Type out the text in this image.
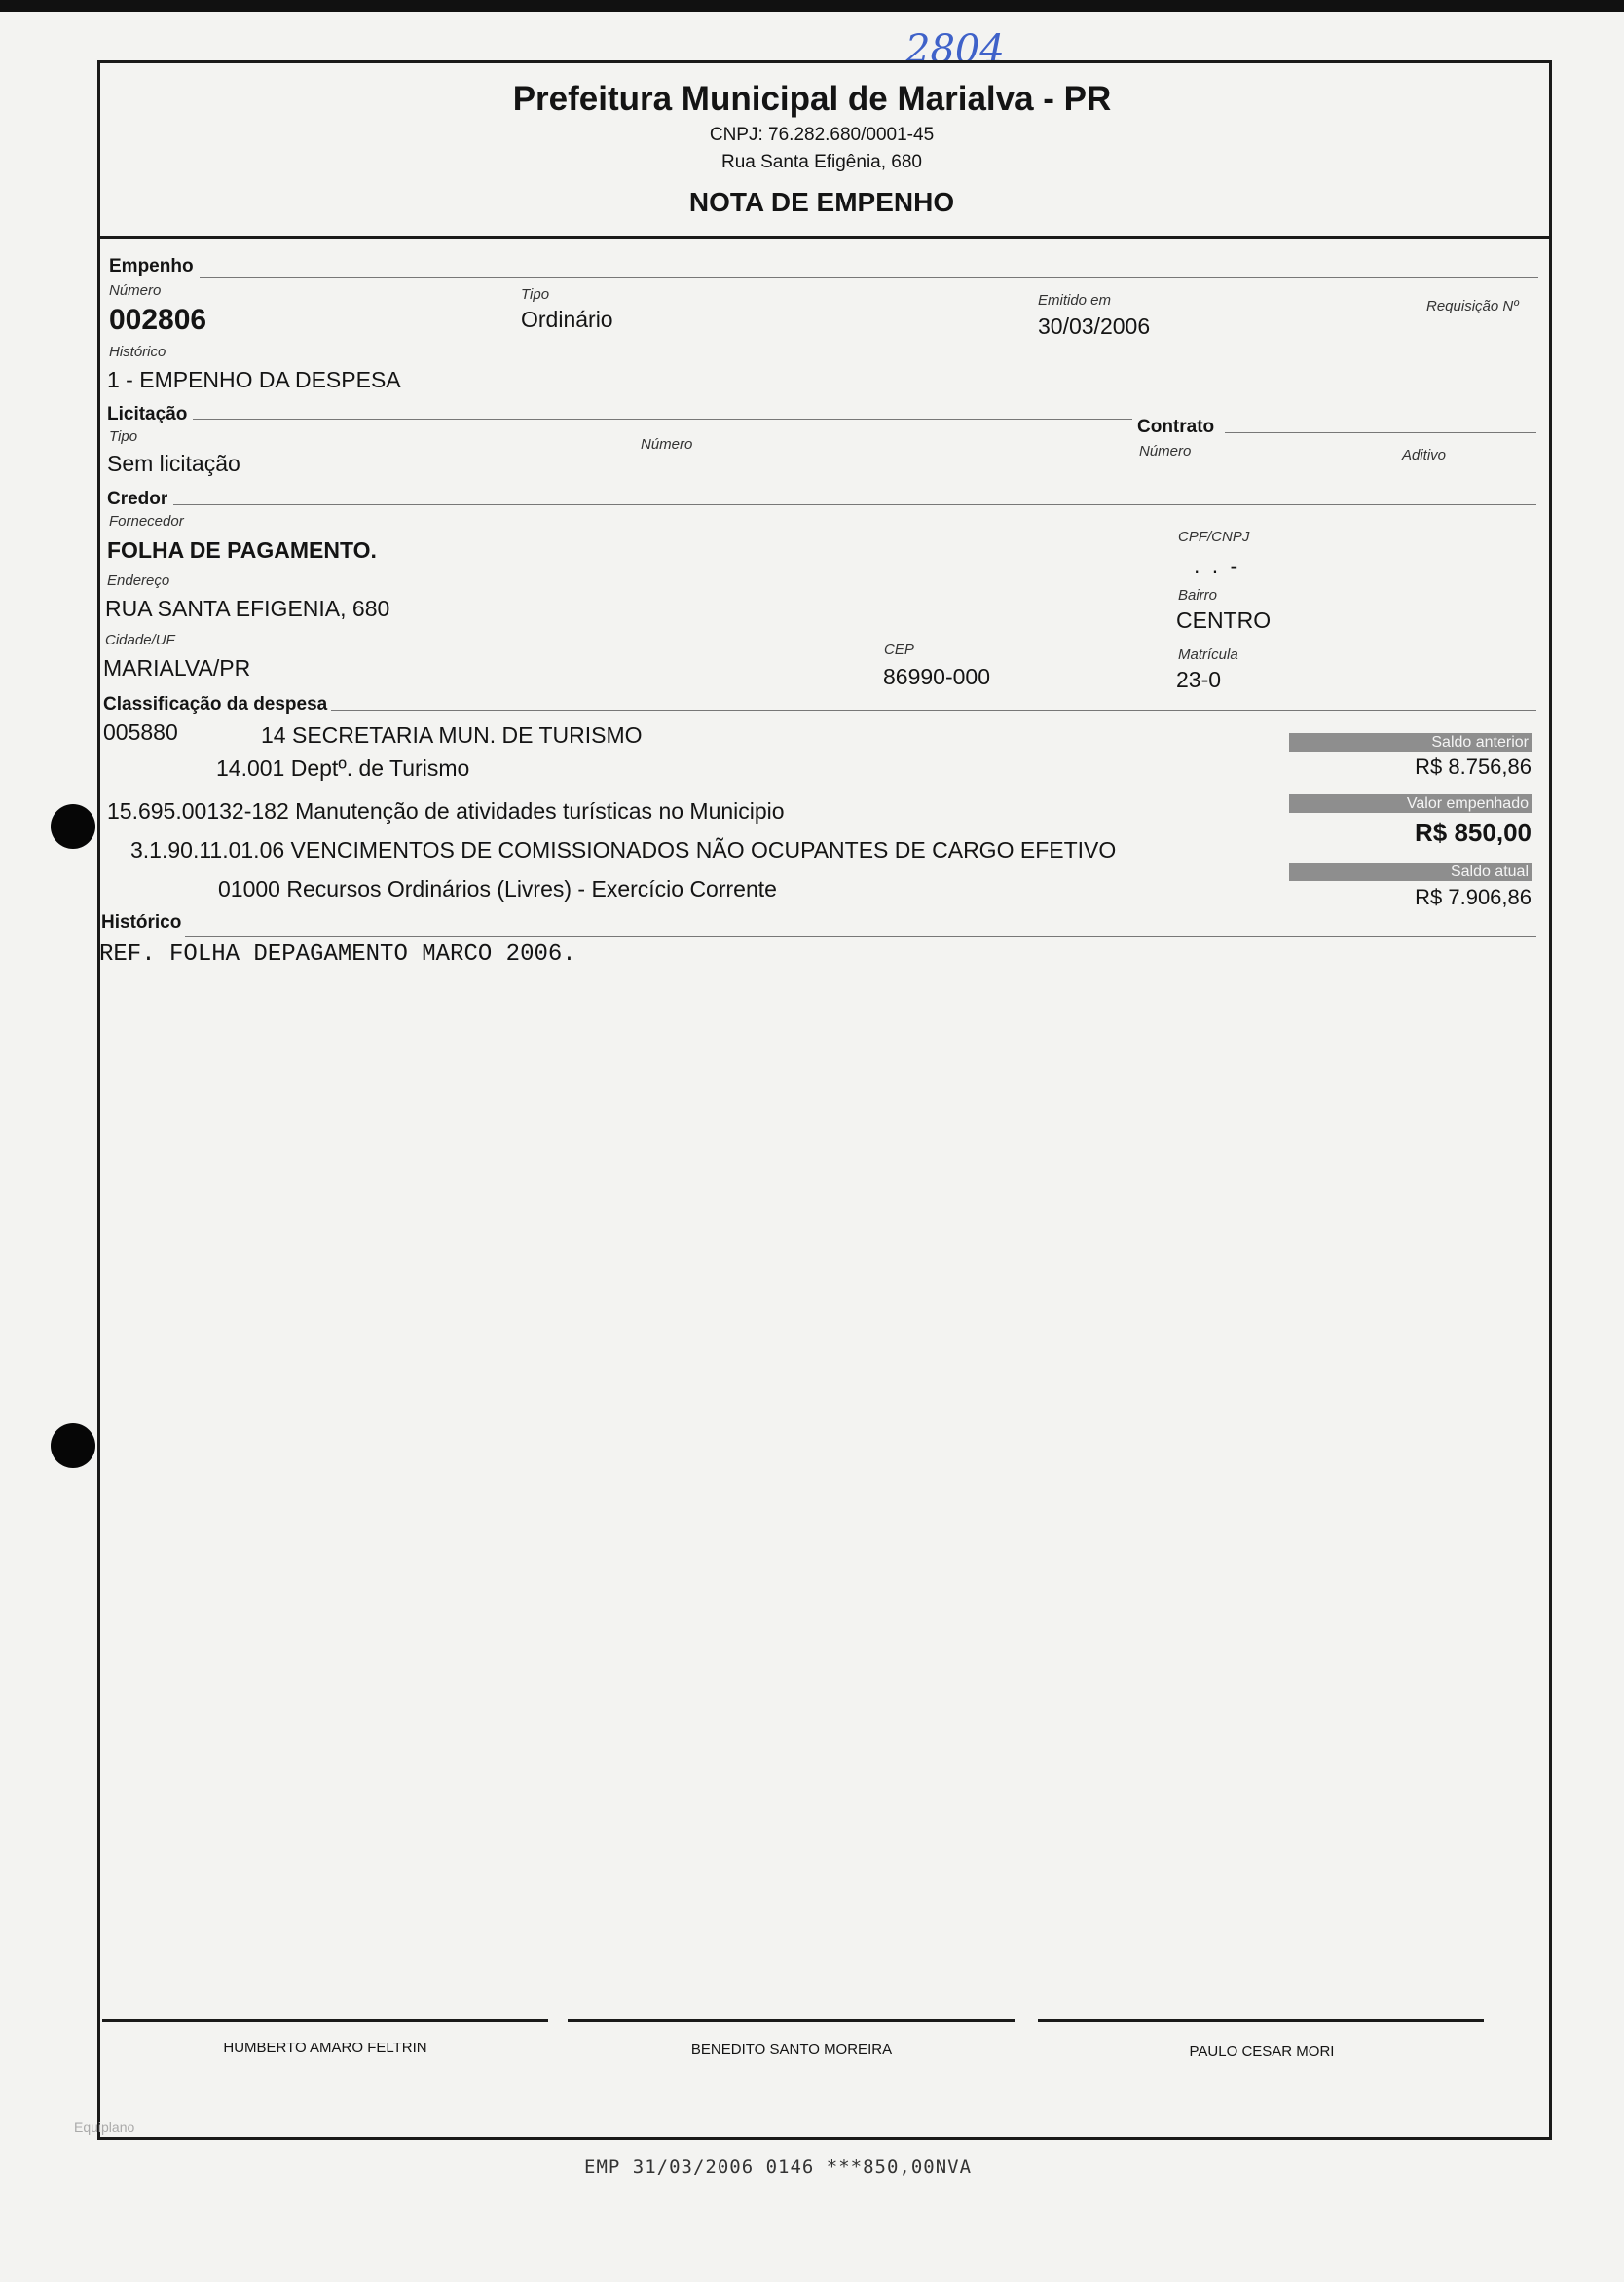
2804
Prefeitura Municipal de Marialva - PR
CNPJ: 76.282.680/0001-45
Rua Santa Efigênia, 680
NOTA DE EMPENHO
Empenho
Número
002806
Tipo
Ordinário
Emitido em
30/03/2006
Requisição Nº
Histórico
1 - EMPENHO DA DESPESA
Licitação
Tipo
Sem licitação
Número
Contrato
Número	Aditivo
Credor
Fornecedor
FOLHA DE PAGAMENTO.
CPF/CNPJ
. . -
Endereço
RUA SANTA EFIGENIA, 680
Bairro
CENTRO
Cidade/UF
MARIALVA/PR
CEP
86990-000
Matrícula
23-0
Classificação da despesa
005880	14 SECRETARIA MUN. DE TURISMO
14.001 Deptº. de Turismo
15.695.00132-182 Manutenção de atividades turísticas no Municipio
3.1.90.11.01.06 VENCIMENTOS DE COMISSIONADOS NÃO OCUPANTES DE CARGO EFETIVO
01000 Recursos Ordinários (Livres) - Exercício Corrente
Saldo anterior
R$ 8.756,86
Valor empenhado
R$ 850,00
Saldo atual
R$ 7.906,86
Histórico
REF. FOLHA DEPAGAMENTO MARCO 2006.
HUMBERTO AMARO FELTRIN	BENEDITO SANTO MOREIRA	PAULO CESAR MORI
Equiplano
EMP 31/03/2006 0146 ***850,00NVA
